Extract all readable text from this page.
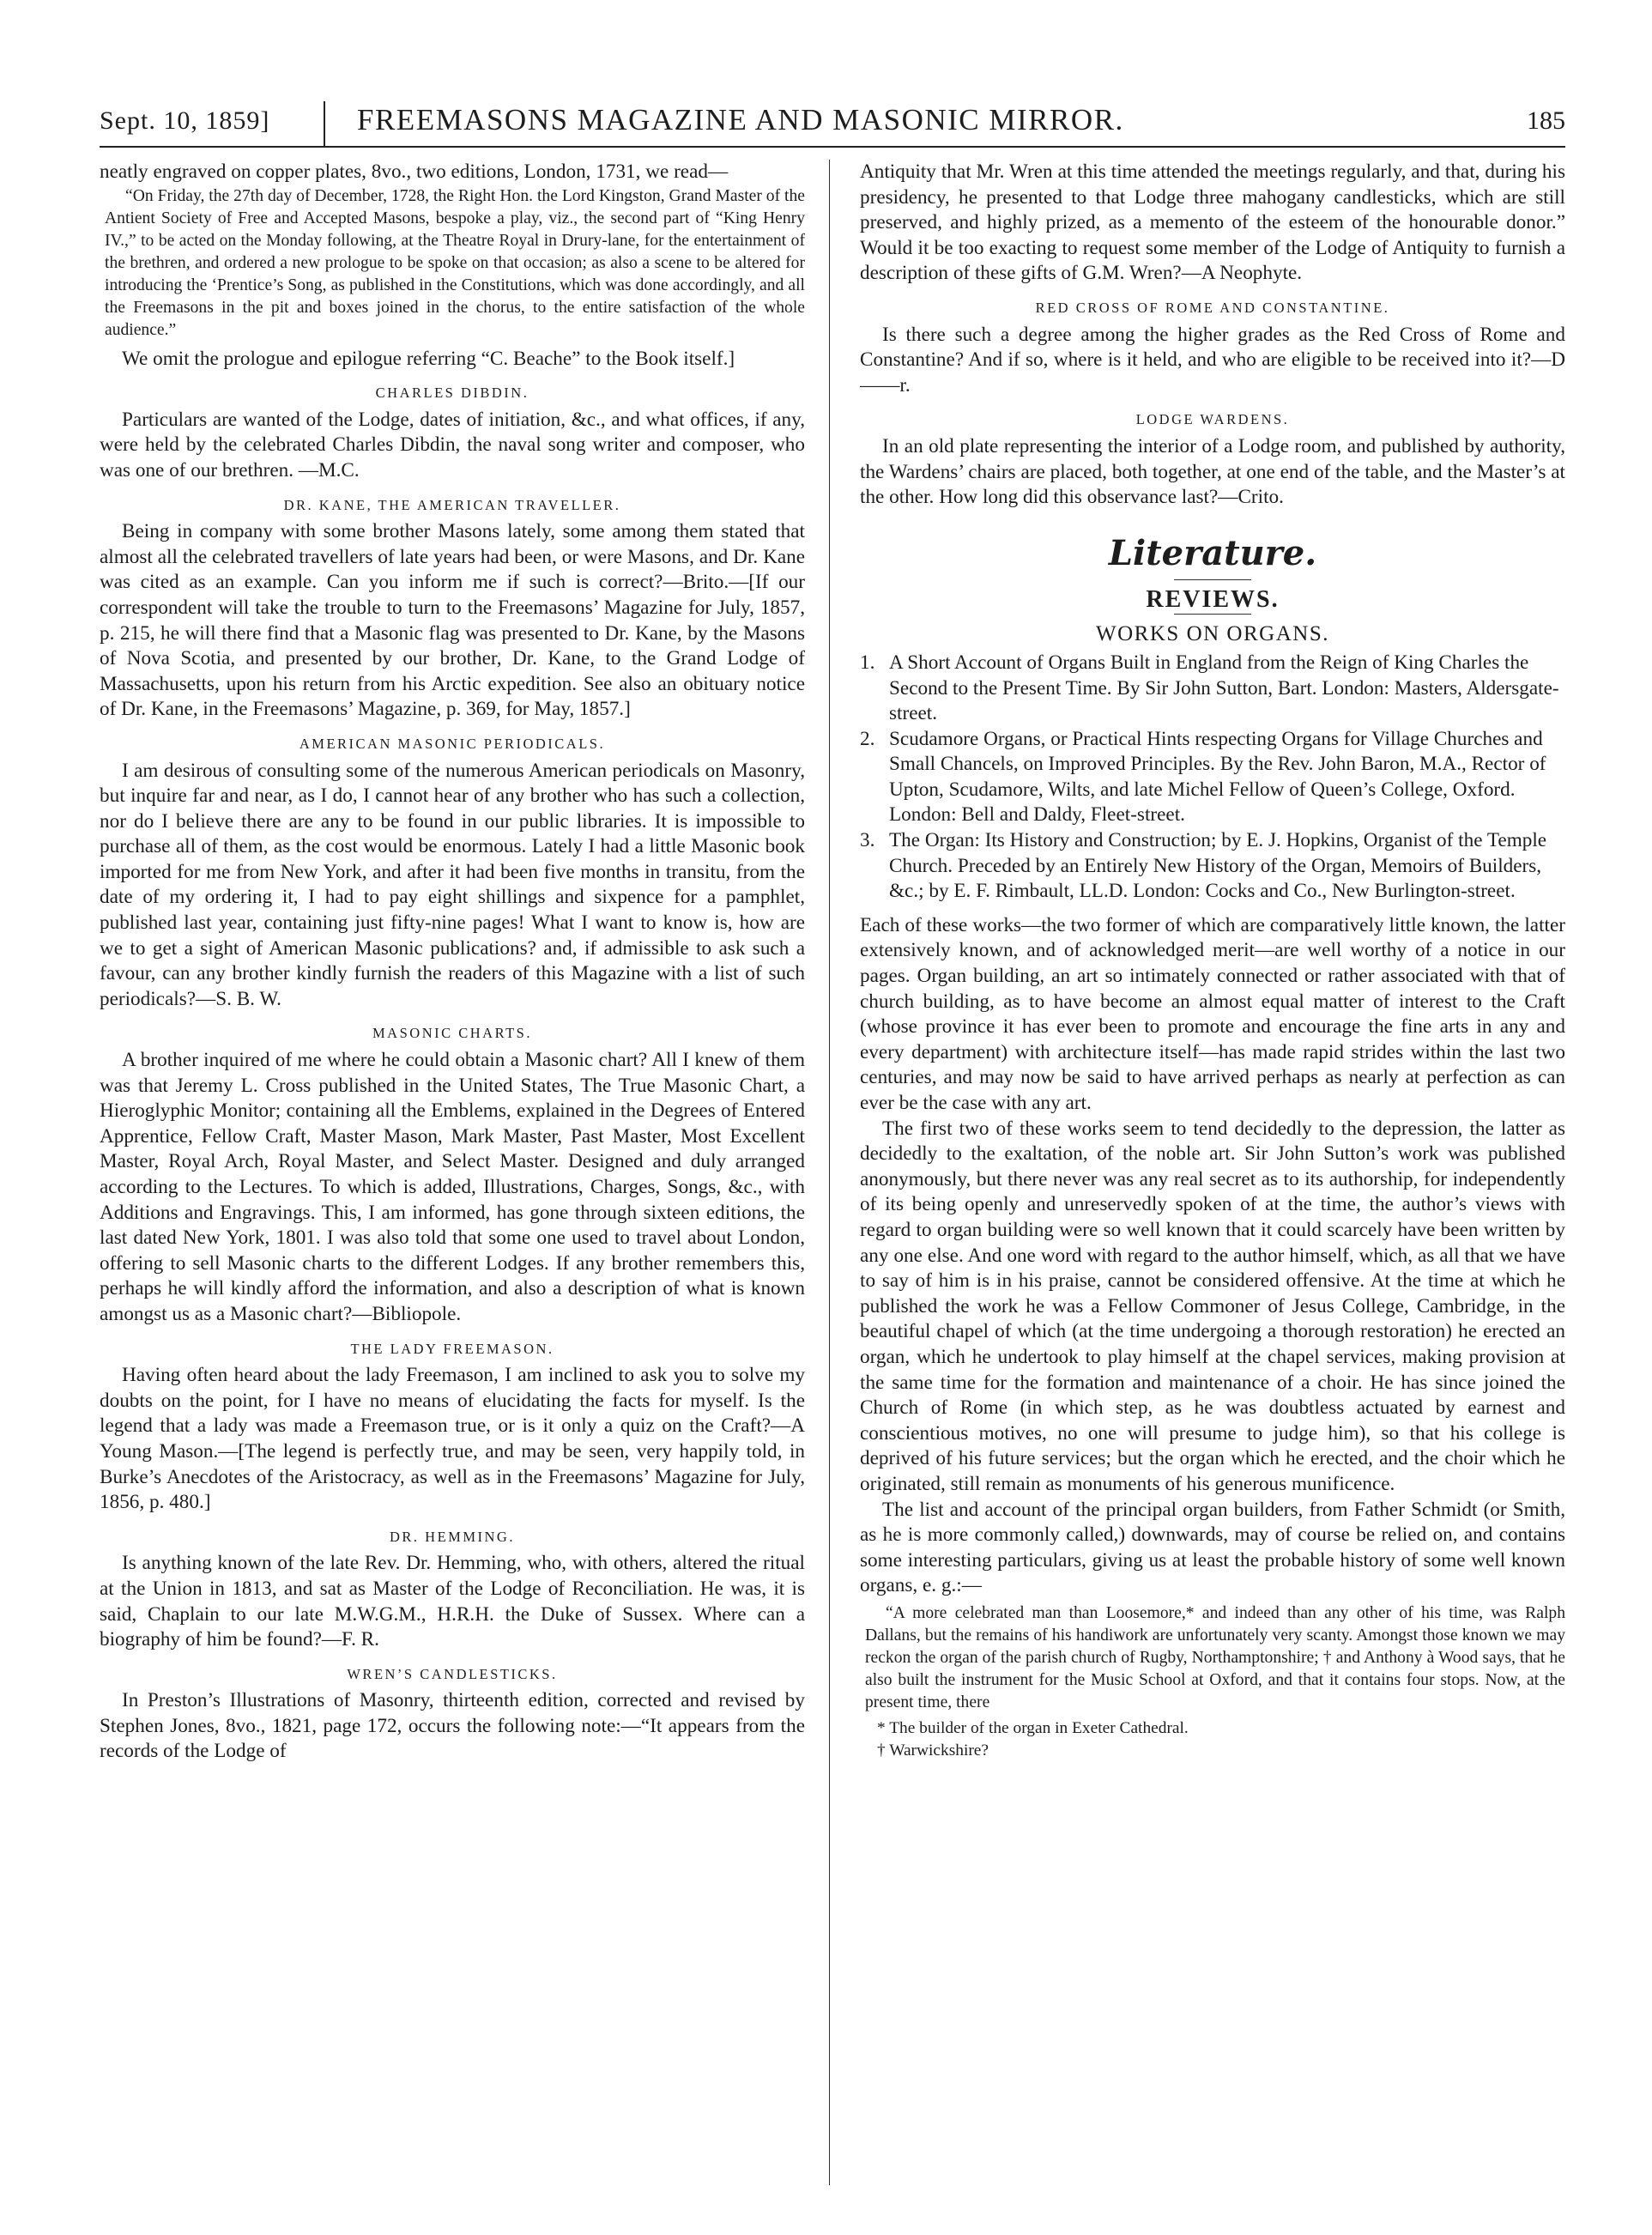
Sept. 10, 1859]	FREEMASONS MAGAZINE AND MASONIC MIRROR.	185

neatly engraved on copper plates, 8vo., two editions, London, 1731, we read—

“On Friday, the 27th day of December, 1728, the Right Hon. the Lord Kingston, Grand Master of the Antient Society of Free and Accepted Masons, bespoke a play, viz., the second part of “King Henry IV.,” to be acted on the Monday following, at the Theatre Royal in Drury-lane, for the entertainment of the brethren, and ordered a new prologue to be spoke on that occasion; as also a scene to be altered for introducing the ‘Prentice’s Song, as published in the Constitutions, which was done accordingly, and all the Freemasons in the pit and boxes joined in the chorus, to the entire satisfaction of the whole audience.”

We omit the prologue and epilogue referring “C. Beache” to the Book itself.]

CHARLES DIBDIN.

Particulars are wanted of the Lodge, dates of initiation, &c., and what offices, if any, were held by the celebrated Charles Dibdin, the naval song writer and composer, who was one of our brethren. —M.C.

DR. KANE, THE AMERICAN TRAVELLER.

Being in company with some brother Masons lately, some among them stated that almost all the celebrated travellers of late years had been, or were Masons, and Dr. Kane was cited as an example. Can you inform me if such is correct?—Brito.—[If our correspondent will take the trouble to turn to the Freemasons’ Magazine for July, 1857, p. 215, he will there find that a Masonic flag was presented to Dr. Kane, by the Masons of Nova Scotia, and presented by our brother, Dr. Kane, to the Grand Lodge of Massachusetts, upon his return from his Arctic expedition. See also an obituary notice of Dr. Kane, in the Freemasons’ Magazine, p. 369, for May, 1857.]

AMERICAN MASONIC PERIODICALS.

I am desirous of consulting some of the numerous American periodicals on Masonry, but inquire far and near, as I do, I cannot hear of any brother who has such a collection, nor do I believe there are any to be found in our public libraries. It is impossible to purchase all of them, as the cost would be enormous. Lately I had a little Masonic book imported for me from New York, and after it had been five months in transitu, from the date of my ordering it, I had to pay eight shillings and sixpence for a pamphlet, published last year, containing just fifty-nine pages! What I want to know is, how are we to get a sight of American Masonic publications? and, if admissible to ask such a favour, can any brother kindly furnish the readers of this Magazine with a list of such periodicals?—S. B. W.

MASONIC CHARTS.

A brother inquired of me where he could obtain a Masonic chart? All I knew of them was that Jeremy L. Cross published in the United States, The True Masonic Chart, a Hieroglyphic Monitor; containing all the Emblems, explained in the Degrees of Entered Apprentice, Fellow Craft, Master Mason, Mark Master, Past Master, Most Excellent Master, Royal Arch, Royal Master, and Select Master. Designed and duly arranged according to the Lectures. To which is added, Illustrations, Charges, Songs, &c., with Additions and Engravings. This, I am informed, has gone through sixteen editions, the last dated New York, 1801. I was also told that some one used to travel about London, offering to sell Masonic charts to the different Lodges. If any brother remembers this, perhaps he will kindly afford the information, and also a description of what is known amongst us as a Masonic chart?—Bibliopole.

THE LADY FREEMASON.

Having often heard about the lady Freemason, I am inclined to ask you to solve my doubts on the point, for I have no means of elucidating the facts for myself. Is the legend that a lady was made a Freemason true, or is it only a quiz on the Craft?—A Young Mason.—[The legend is perfectly true, and may be seen, very happily told, in Burke’s Anecdotes of the Aristocracy, as well as in the Freemasons’ Magazine for July, 1856, p. 480.]

DR. HEMMING.

Is anything known of the late Rev. Dr. Hemming, who, with others, altered the ritual at the Union in 1813, and sat as Master of the Lodge of Reconciliation. He was, it is said, Chaplain to our late M.W.G.M., H.R.H. the Duke of Sussex. Where can a biography of him be found?—F. R.

WREN’S CANDLESTICKS.

In Preston’s Illustrations of Masonry, thirteenth edition, corrected and revised by Stephen Jones, 8vo., 1821, page 172, occurs the following note:—“It appears from the records of the Lodge of

Antiquity that Mr. Wren at this time attended the meetings regularly, and that, during his presidency, he presented to that Lodge three mahogany candlesticks, which are still preserved, and highly prized, as a memento of the esteem of the honourable donor.” Would it be too exacting to request some member of the Lodge of Antiquity to furnish a description of these gifts of G.M. Wren?—A Neophyte.

RED CROSS OF ROME AND CONSTANTINE.

Is there such a degree among the higher grades as the Red Cross of Rome and Constantine? And if so, where is it held, and who are eligible to be received into it?—D——r.

LODGE WARDENS.

In an old plate representing the interior of a Lodge room, and published by authority, the Wardens’ chairs are placed, both together, at one end of the table, and the Master’s at the other. How long did this observance last?—Crito.

Literature.
REVIEWS.
WORKS ON ORGANS.

1. A Short Account of Organs Built in England from the Reign of King Charles the Second to the Present Time. By Sir John Sutton, Bart. London: Masters, Aldersgate-street.

2. Scudamore Organs, or Practical Hints respecting Organs for Village Churches and Small Chancels, on Improved Principles. By the Rev. John Baron, M.A., Rector of Upton, Scudamore, Wilts, and late Michel Fellow of Queen’s College, Oxford. London: Bell and Daldy, Fleet-street.

3. The Organ: Its History and Construction; by E. J. Hopkins, Organist of the Temple Church. Preceded by an Entirely New History of the Organ, Memoirs of Builders, &c.; by E. F. Rimbault, LL.D. London: Cocks and Co., New Burlington-street.

Each of these works—the two former of which are comparatively little known, the latter extensively known, and of acknowledged merit—are well worthy of a notice in our pages. Organ building, an art so intimately connected or rather associated with that of church building, as to have become an almost equal matter of interest to the Craft (whose province it has ever been to promote and encourage the fine arts in any and every department) with architecture itself—has made rapid strides within the last two centuries, and may now be said to have arrived perhaps as nearly at perfection as can ever be the case with any art.

The first two of these works seem to tend decidedly to the depression, the latter as decidedly to the exaltation, of the noble art. Sir John Sutton’s work was published anonymously, but there never was any real secret as to its authorship, for independently of its being openly and unreservedly spoken of at the time, the author’s views with regard to organ building were so well known that it could scarcely have been written by any one else. And one word with regard to the author himself, which, as all that we have to say of him is in his praise, cannot be considered offensive. At the time at which he published the work he was a Fellow Commoner of Jesus College, Cambridge, in the beautiful chapel of which (at the time undergoing a thorough restoration) he erected an organ, which he undertook to play himself at the chapel services, making provision at the same time for the formation and maintenance of a choir. He has since joined the Church of Rome (in which step, as he was doubtless actuated by earnest and conscientious motives, no one will presume to judge him), so that his college is deprived of his future services; but the organ which he erected, and the choir which he originated, still remain as monuments of his generous munificence.

The list and account of the principal organ builders, from Father Schmidt (or Smith, as he is more commonly called,) downwards, may of course be relied on, and contains some interesting particulars, giving us at least the probable history of some well known organs, e. g.:—

“A more celebrated man than Loosemore,* and indeed than any other of his time, was Ralph Dallans, but the remains of his handiwork are unfortunately very scanty. Amongst those known we may reckon the organ of the parish church of Rugby, Northamptonshire; † and Anthony à Wood says, that he also built the instrument for the Music School at Oxford, and that it contains four stops. Now, at the present time, there

* The builder of the organ in Exeter Cathedral.

† Warwickshire?
